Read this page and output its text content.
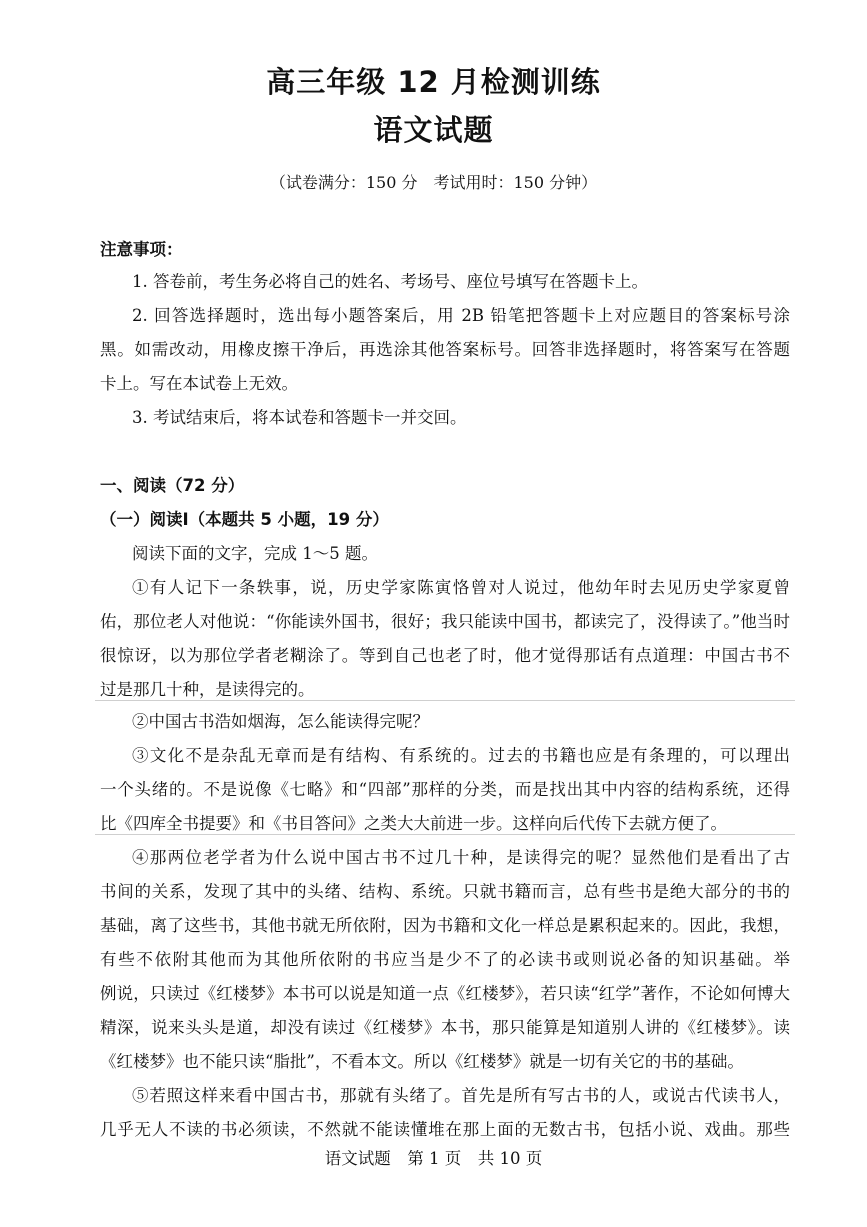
高三年级 12 月检测训练
语文试题
（试卷满分：150 分　考试用时：150 分钟）
注意事项：
1. 答卷前，考生务必将自己的姓名、考场号、座位号填写在答题卡上。
2. 回答选择题时，选出每小题答案后，用 2B 铅笔把答题卡上对应题目的答案标号涂
黑。如需改动，用橡皮擦干净后，再选涂其他答案标号。回答非选择题时，将答案写在答题
卡上。写在本试卷上无效。
3. 考试结束后，将本试卷和答题卡一并交回。
一、阅读（72 分）
（一）阅读Ⅰ（本题共 5 小题，19 分）
阅读下面的文字，完成 1～5 题。
①有人记下一条轶事，说，历史学家陈寅恪曾对人说过，他幼年时去见历史学家夏曾
佑，那位老人对他说：“你能读外国书，很好；我只能读中国书，都读完了，没得读了。”他当时
很惊讶，以为那位学者老糊涂了。等到自己也老了时，他才觉得那话有点道理：中国古书不
过是那几十种，是读得完的。
②中国古书浩如烟海，怎么能读得完呢？
③文化不是杂乱无章而是有结构、有系统的。过去的书籍也应是有条理的，可以理出
一个头绪的。不是说像《七略》和“四部”那样的分类，而是找出其中内容的结构系统，还得
比《四库全书提要》和《书目答问》之类大大前进一步。这样向后代传下去就方便了。
④那两位老学者为什么说中国古书不过几十种，是读得完的呢？显然他们是看出了古
书间的关系，发现了其中的头绪、结构、系统。只就书籍而言，总有些书是绝大部分的书的
基础，离了这些书，其他书就无所依附，因为书籍和文化一样总是累积起来的。因此，我想，
有些不依附其他而为其他所依附的书应当是少不了的必读书或则说必备的知识基础。举
例说，只读过《红楼梦》本书可以说是知道一点《红楼梦》，若只读“红学”著作，不论如何博大
精深，说来头头是道，却没有读过《红楼梦》本书，那只能算是知道别人讲的《红楼梦》。读
《红楼梦》也不能只读“脂批”，不看本文。所以《红楼梦》就是一切有关它的书的基础。
⑤若照这样来看中国古书，那就有头绪了。首先是所有写古书的人，或说古代读书人，
几乎无人不读的书必须读，不然就不能读懂堆在那上面的无数古书，包括小说、戏曲。那些
语文试题　第 1 页　共 10 页
